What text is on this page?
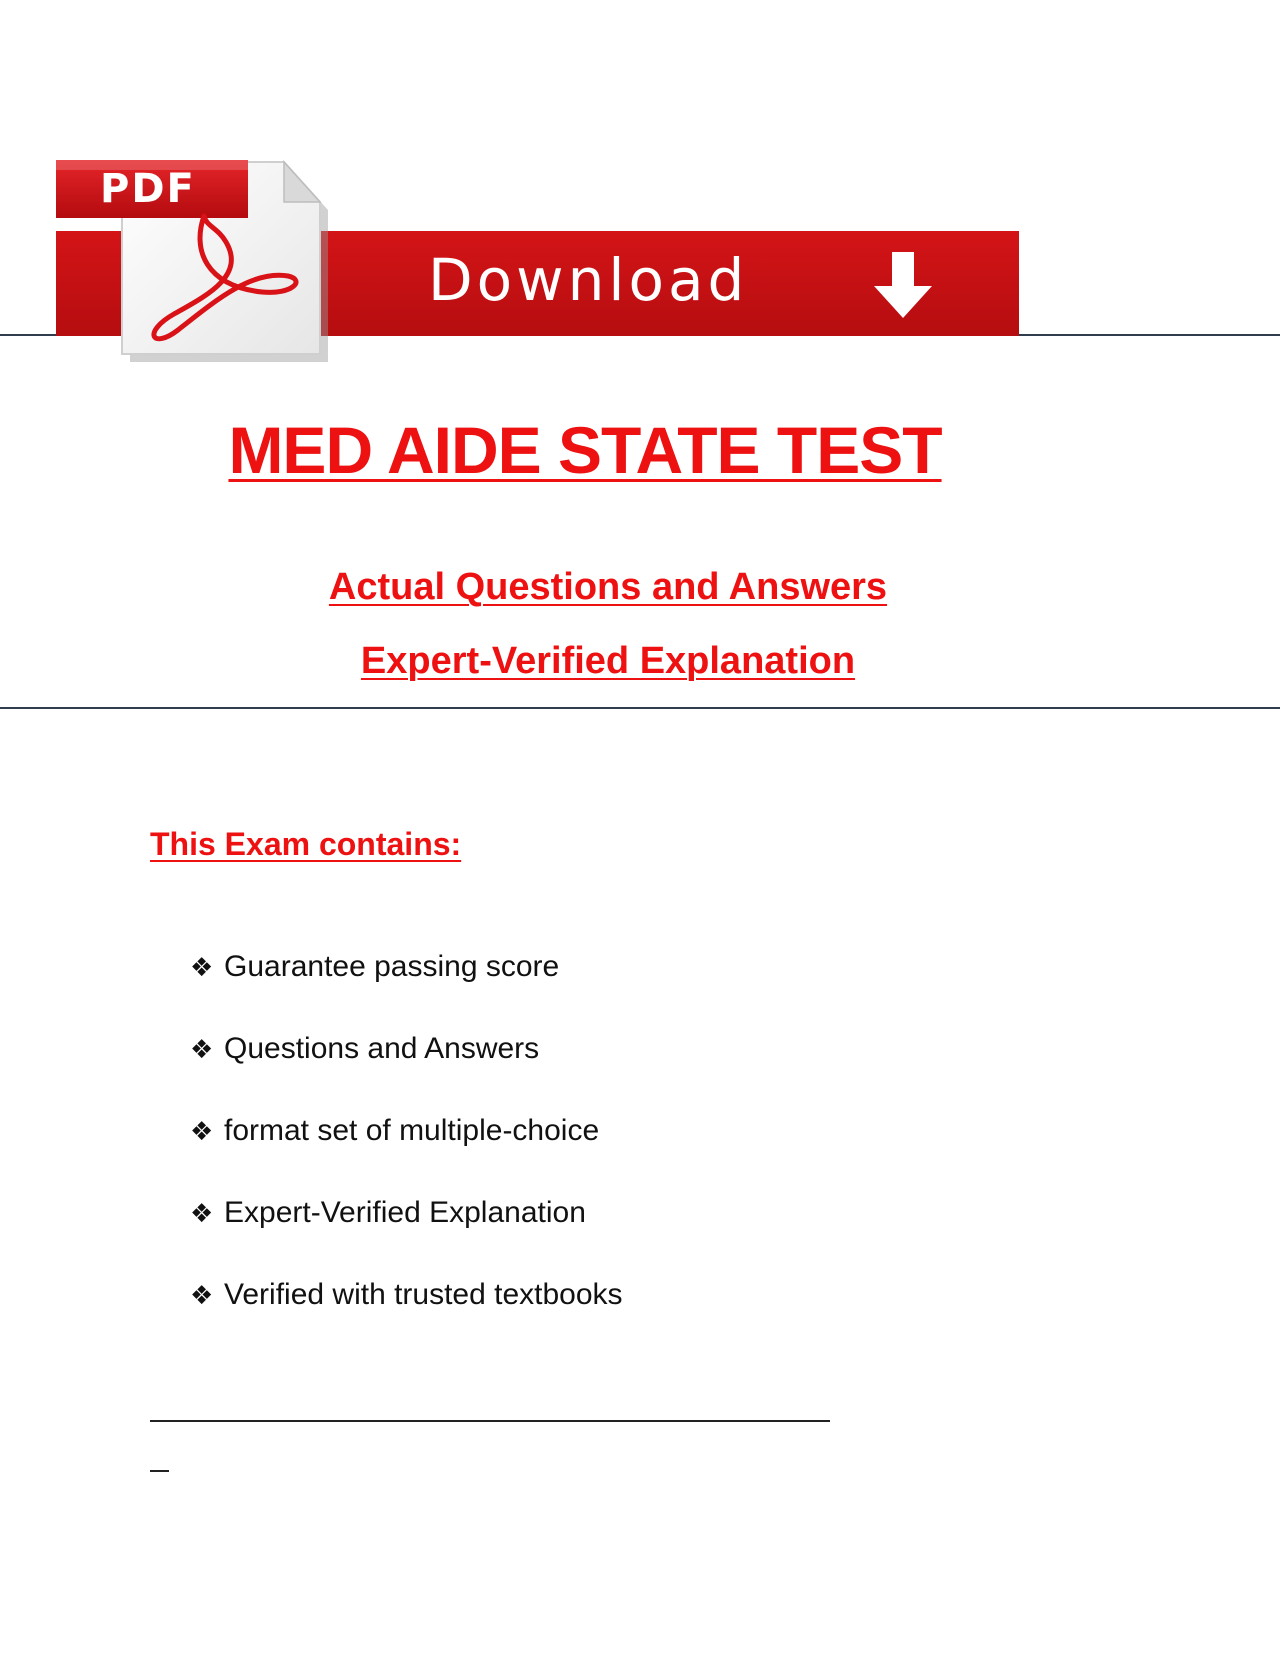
Download
PDF
MED AIDE STATE TEST
Actual Questions and Answers
Expert-Verified Explanation
This Exam contains:
❖ Guarantee passing score
❖ Questions and Answers
❖ format set of multiple-choice
❖ Expert-Verified Explanation
❖ Verified with trusted textbooks
